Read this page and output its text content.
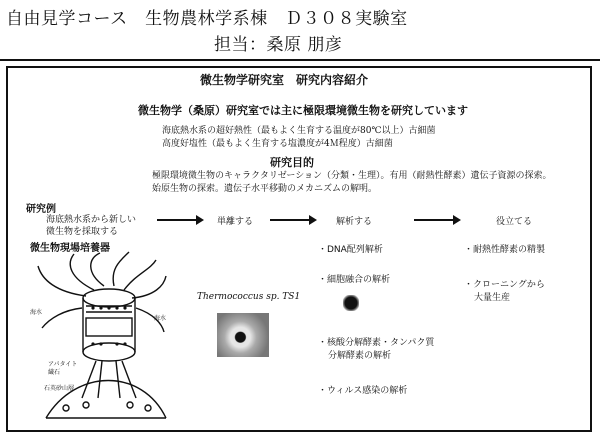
自由見学コース　生物農林学系棟　Ｄ３０８実験室
担当：桑原 朋彦
微生物学研究室　研究内容紹介
微生物学（桑原）研究室では主に極限環境微生物を研究しています
海底熱水系の超好熱性（最もよく生育する温度が80℃以上）古細菌
高度好塩性（最もよく生育する塩濃度が4Ｍ程度）古細菌
研究目的
極限環境微生物のキャラクタリゼーション（分類・生理）。有用（耐熱性酵素）遺伝子資源の探索。
始原生物の探索。遺伝子水平移動のメカニズムの解明。
研究例
海底熱水系から新しい
微生物を採取する
単離する	解析する	役立てる
微生物現場培養器
海水
海水
アパタイト
繊石
石英砂山層
Thermococcus sp. TS1
・DNA配列解析
・細胞融合の解析
・核酸分解酵素・タンパク質
分解酵素の解析
・ウィルス感染の解析
・耐熱性酵素の精製
・クローニングから
大量生産
